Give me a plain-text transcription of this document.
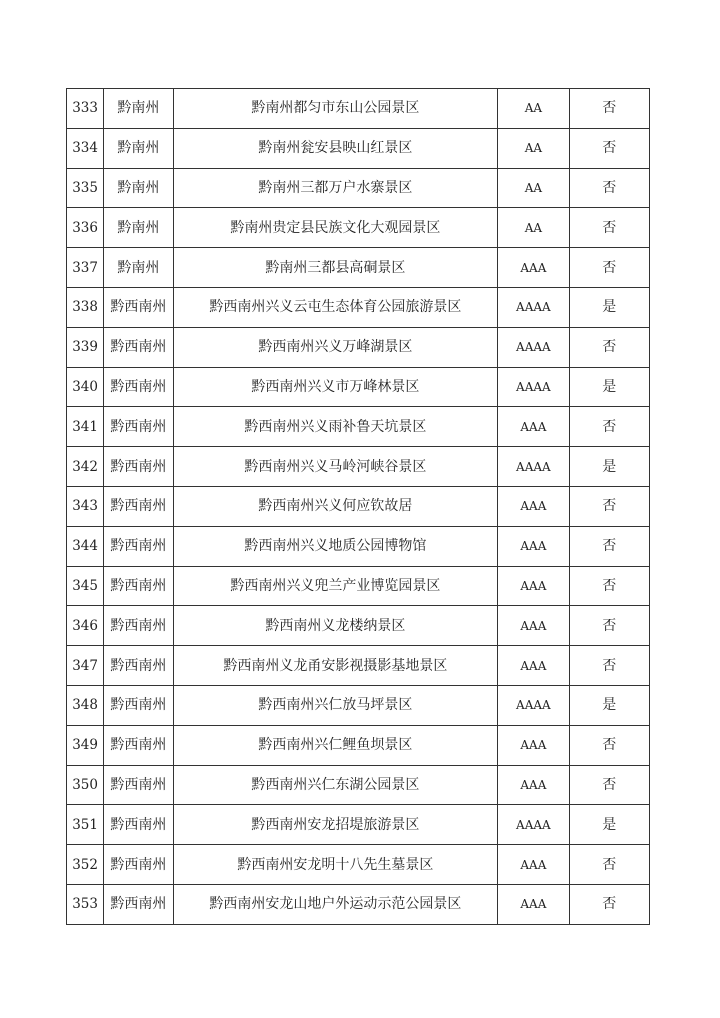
333	黔南州	黔南州都匀市东山公园景区	AA	否
334	黔南州	黔南州瓮安县映山红景区	AA	否
335	黔南州	黔南州三都万户水寨景区	AA	否
336	黔南州	黔南州贵定县民族文化大观园景区	AA	否
337	黔南州	黔南州三都县高硐景区	AAA	否
338	黔西南州	黔西南州兴义云屯生态体育公园旅游景区	AAAA	是
339	黔西南州	黔西南州兴义万峰湖景区	AAAA	否
340	黔西南州	黔西南州兴义市万峰林景区	AAAA	是
341	黔西南州	黔西南州兴义雨补鲁天坑景区	AAA	否
342	黔西南州	黔西南州兴义马岭河峡谷景区	AAAA	是
343	黔西南州	黔西南州兴义何应钦故居	AAA	否
344	黔西南州	黔西南州兴义地质公园博物馆	AAA	否
345	黔西南州	黔西南州兴义兜兰产业博览园景区	AAA	否
346	黔西南州	黔西南州义龙楼纳景区	AAA	否
347	黔西南州	黔西南州义龙甬安影视摄影基地景区	AAA	否
348	黔西南州	黔西南州兴仁放马坪景区	AAAA	是
349	黔西南州	黔西南州兴仁鲤鱼坝景区	AAA	否
350	黔西南州	黔西南州兴仁东湖公园景区	AAA	否
351	黔西南州	黔西南州安龙招堤旅游景区	AAAA	是
352	黔西南州	黔西南州安龙明十八先生墓景区	AAA	否
353	黔西南州	黔西南州安龙山地户外运动示范公园景区	AAA	否
